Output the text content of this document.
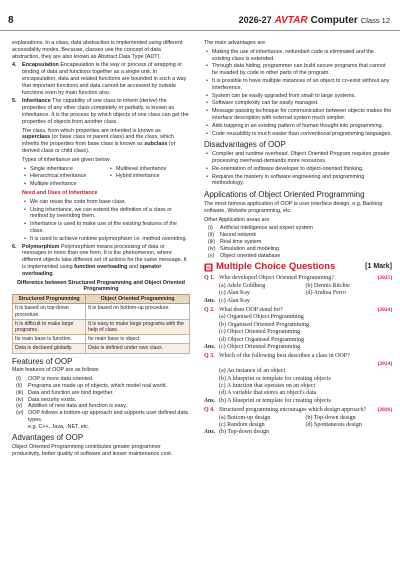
8	2026-27 AVTAR Computer Class 12

explanations. In a class, data abstraction is implemented using different accessibility modes. Because, classes use the concept of data abstraction, they are also known as Abstract Data Type (ADT).

4.	Encapsulation Encapsulation is the way or process of wrapping or binding of data and functions together as a single unit. In encapsulation, data and related functions are bounded in such a way that important functions and data cannot be accessed by outside functions even by main function also.
5.	Inheritance The capability of one class to inherit (derive) the properties of any other class completely or partially, is known as inheritance. It is the process by which objects of one class can get the properties of objects from another class.

The class, from which properties are inherited is known as superclass (or base class or parent class) and the class, which inherits the properties from base class is known as subclass (or derived class or child class).

Types of inheritance are given below

• Single inheritance	• Multilevel inheritance
• Hierarchical inheritance	• Hybrid inheritance
• Multiple inheritance

Need and Uses of Inheritance

• We can reuse the code from base class.
• Using inheritance, we can extend the definition of a class or method by overriding them.
• Inheritance is used to make use of the existing features of the class.
• It is used to achieve runtime polymorphism i.e. method overriding.
6.	Polymorphism Polymorphism means processing of data or messages in more than one form. It is the phenomenon, where different objects take different set of actions for the same message. It is implemented using function overloading and operator overloading.
Difference between Structured Programming and Object Oriented Programming
Structured Programming	Object Oriented Programming
It is based on top-down procedure.	It is based on bottom-up procedure.
It is difficult to make large programs.	It is easy to make large programs with the help of class.
Its main base is function.	Its main base is object.
Data is declared globally.	Data is defined under own class.
Features of OOP

Main features of OOP are as follows

(i)	OOP is more data oriented.
(ii)	Programs are made up of objects, which model real world.
(iii) Data and function are bind together.
(iv) Data security exists.
(v)	Addition of new data and function is easy.
(vi) OOP follows a bottom-up approach and supports user defined data types.

e.g. C++, Java, .NET, etc.

Advantages of OOP

Object Oriented Programming contributes greater programmer productivity, better quality of software and lesser maintenance cost.

The main advantages are

• Making the use of inheritance, redundant code is eliminated and the existing class is extended.
• Through data hiding, programmer can build secure programs that cannot be invaded by code in other parts of the program.
• It is possible to have multiple instances of an object to co-exist without any interference.
• System can be easily upgraded from small to large systems.
• Software complexity can be easily managed.
• Message passing technique for communication between objects makes the interface description with external system much simpler.
• Aids trapping in an existing pattern of human thought into programming.
• Code reusability is much easier than conventional programming languages.
Disadvantages of OOP
• Compiler and runtime overhead. Object Oriented Program requires greater processing overhead-demands more resources.
• Re-orientation of software developer to object-oriented thinking.
• Requires the mastery in software engineering and programming methodology.
Applications of Object Oriented Programming

The most famous application of OOP is user interface design, e.g. Banking software, Website programming, etc.

Other Application areas are

(i)	Artificial intelligence and expert system
(ii)	Neural network
(iii) Real time system
(iv) Simulation and modeling
(v)	Object oriented database
Multiple Choice Questions	[1 Mark]
Q 1. Who developed Object Oriented Programming?	[2025]
(a) Adele Goldberg	(b) Dennis Ritchie
(c) Alan Kay	(d) Andrea Ferro
Ans. (c) Alan Kay
Q 2. What does OOP stand for?	[2024]
(a) Organised Object Programming
(b) Organised Oriented Programming
(c) Object Oriented Programming
(d) Object Organised Programming
Ans. (c) Object Oriented Programming
Q 3. Which of the following best describes a class in OOP?
[2024]
(a) An instance of an object
(b) A blueprint or template for creating objects
(c) A function that operates on an object
(d) A variable that stores an object's data
Ans. (b) A blueprint or template for creating objects
Q 4. Structured programming encourages which design approach?	[2026]
(a) Bottom-up design	(b) Top-down design
(c) Random design	(d) Spontaneous design
Ans. (b) Top-down design
